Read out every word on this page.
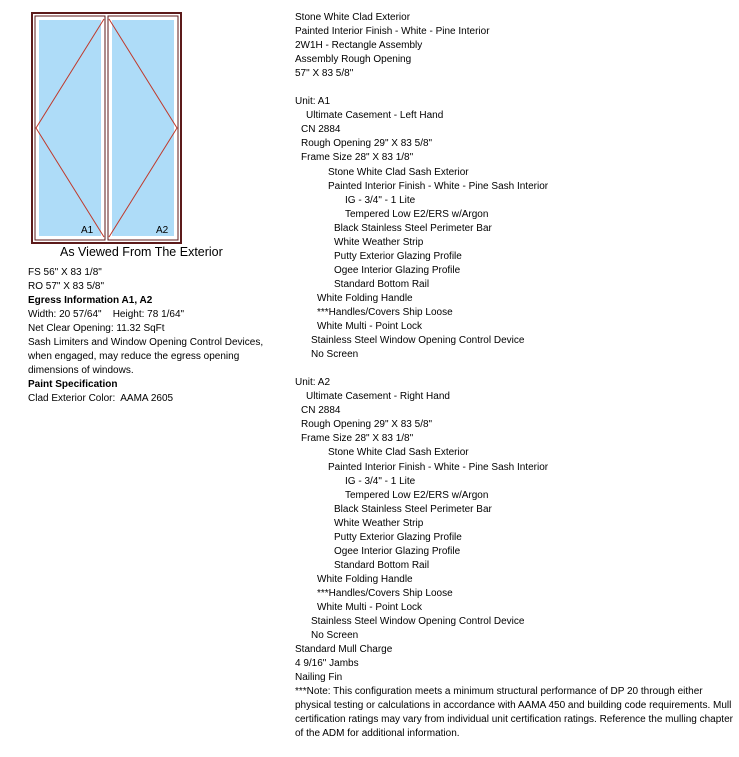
A1	A2
As Viewed From The Exterior
FS 56" X 83 1/8"
RO 57" X 83 5/8"
Egress Information A1, A2
Width: 20 57/64"    Height: 78 1/64"
Net Clear Opening: 11.32 SqFt
Sash Limiters and Window Opening Control Devices, when engaged, may reduce the egress opening dimensions of windows.
Paint Specification
Clad Exterior Color:  AAMA 2605
Stone White Clad Exterior
Painted Interior Finish - White - Pine Interior
2W1H - Rectangle Assembly
Assembly Rough Opening
57" X 83 5/8"
Unit: A1
Ultimate Casement - Left Hand
CN 2884
Rough Opening 29" X 83 5/8"
Frame Size 28" X 83 1/8"
Stone White Clad Sash Exterior
Painted Interior Finish - White - Pine Sash Interior
IG - 3/4" - 1 Lite
Tempered Low E2/ERS w/Argon
Black Stainless Steel Perimeter Bar
White Weather Strip
Putty Exterior Glazing Profile
Ogee Interior Glazing Profile
Standard Bottom Rail
White Folding Handle
***Handles/Covers Ship Loose
White Multi - Point Lock
Stainless Steel Window Opening Control Device
No Screen
Unit: A2
Ultimate Casement - Right Hand
CN 2884
Rough Opening 29" X 83 5/8"
Frame Size 28" X 83 1/8"
Stone White Clad Sash Exterior
Painted Interior Finish - White - Pine Sash Interior
IG - 3/4" - 1 Lite
Tempered Low E2/ERS w/Argon
Black Stainless Steel Perimeter Bar
White Weather Strip
Putty Exterior Glazing Profile
Ogee Interior Glazing Profile
Standard Bottom Rail
White Folding Handle
***Handles/Covers Ship Loose
White Multi - Point Lock
Stainless Steel Window Opening Control Device
No Screen
Standard Mull Charge
4 9/16" Jambs
Nailing Fin
***Note: This configuration meets a minimum structural performance of DP 20 through either physical testing or calculations in accordance with AAMA 450 and building code requirements. Mull certification ratings may vary from individual unit certification ratings. Reference the mulling chapter of the ADM for additional information.
